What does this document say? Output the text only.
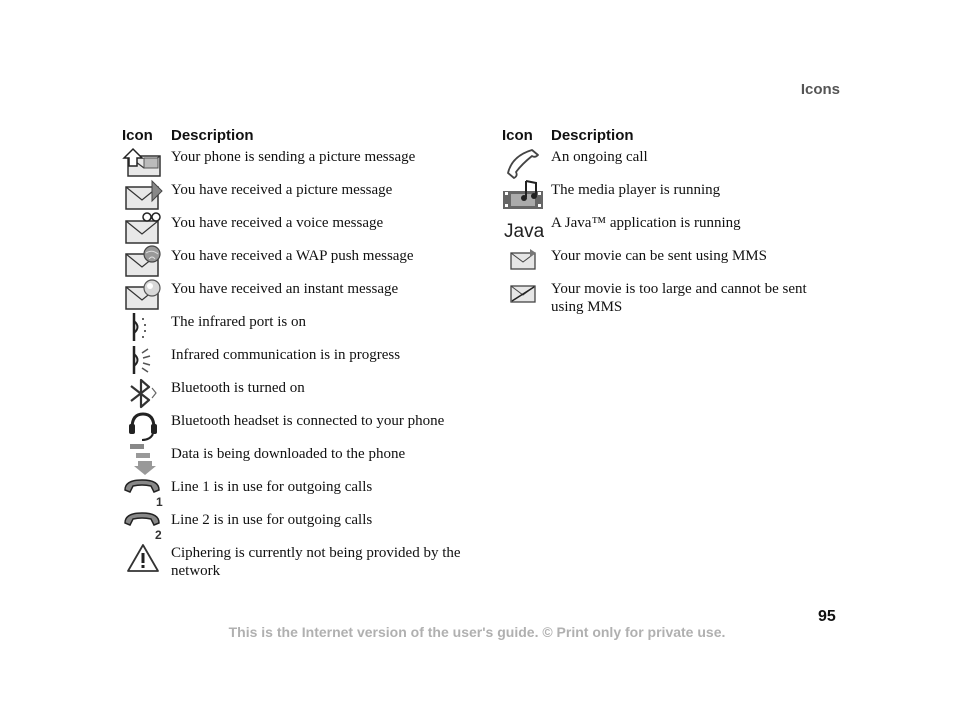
Icons
Icon	Description
Your phone is sending a picture message
You have received a picture message
You have received a voice message
You have received a WAP push message
You have received an instant message
The infrared port is on
Infrared communication is in progress
Bluetooth is turned on
Bluetooth headset is connected to your phone
Data is being downloaded to the phone
1
Line 1 is in use for outgoing calls
2
Line 2 is in use for outgoing calls
Ciphering is currently not being provided by the network
Icon	Description
An ongoing call
The media player is running
Java A Java™ application is running
Your movie can be sent using MMS
Your movie is too large and cannot be sent using MMS
95
This is the Internet version of the user's guide. © Print only for private use.
